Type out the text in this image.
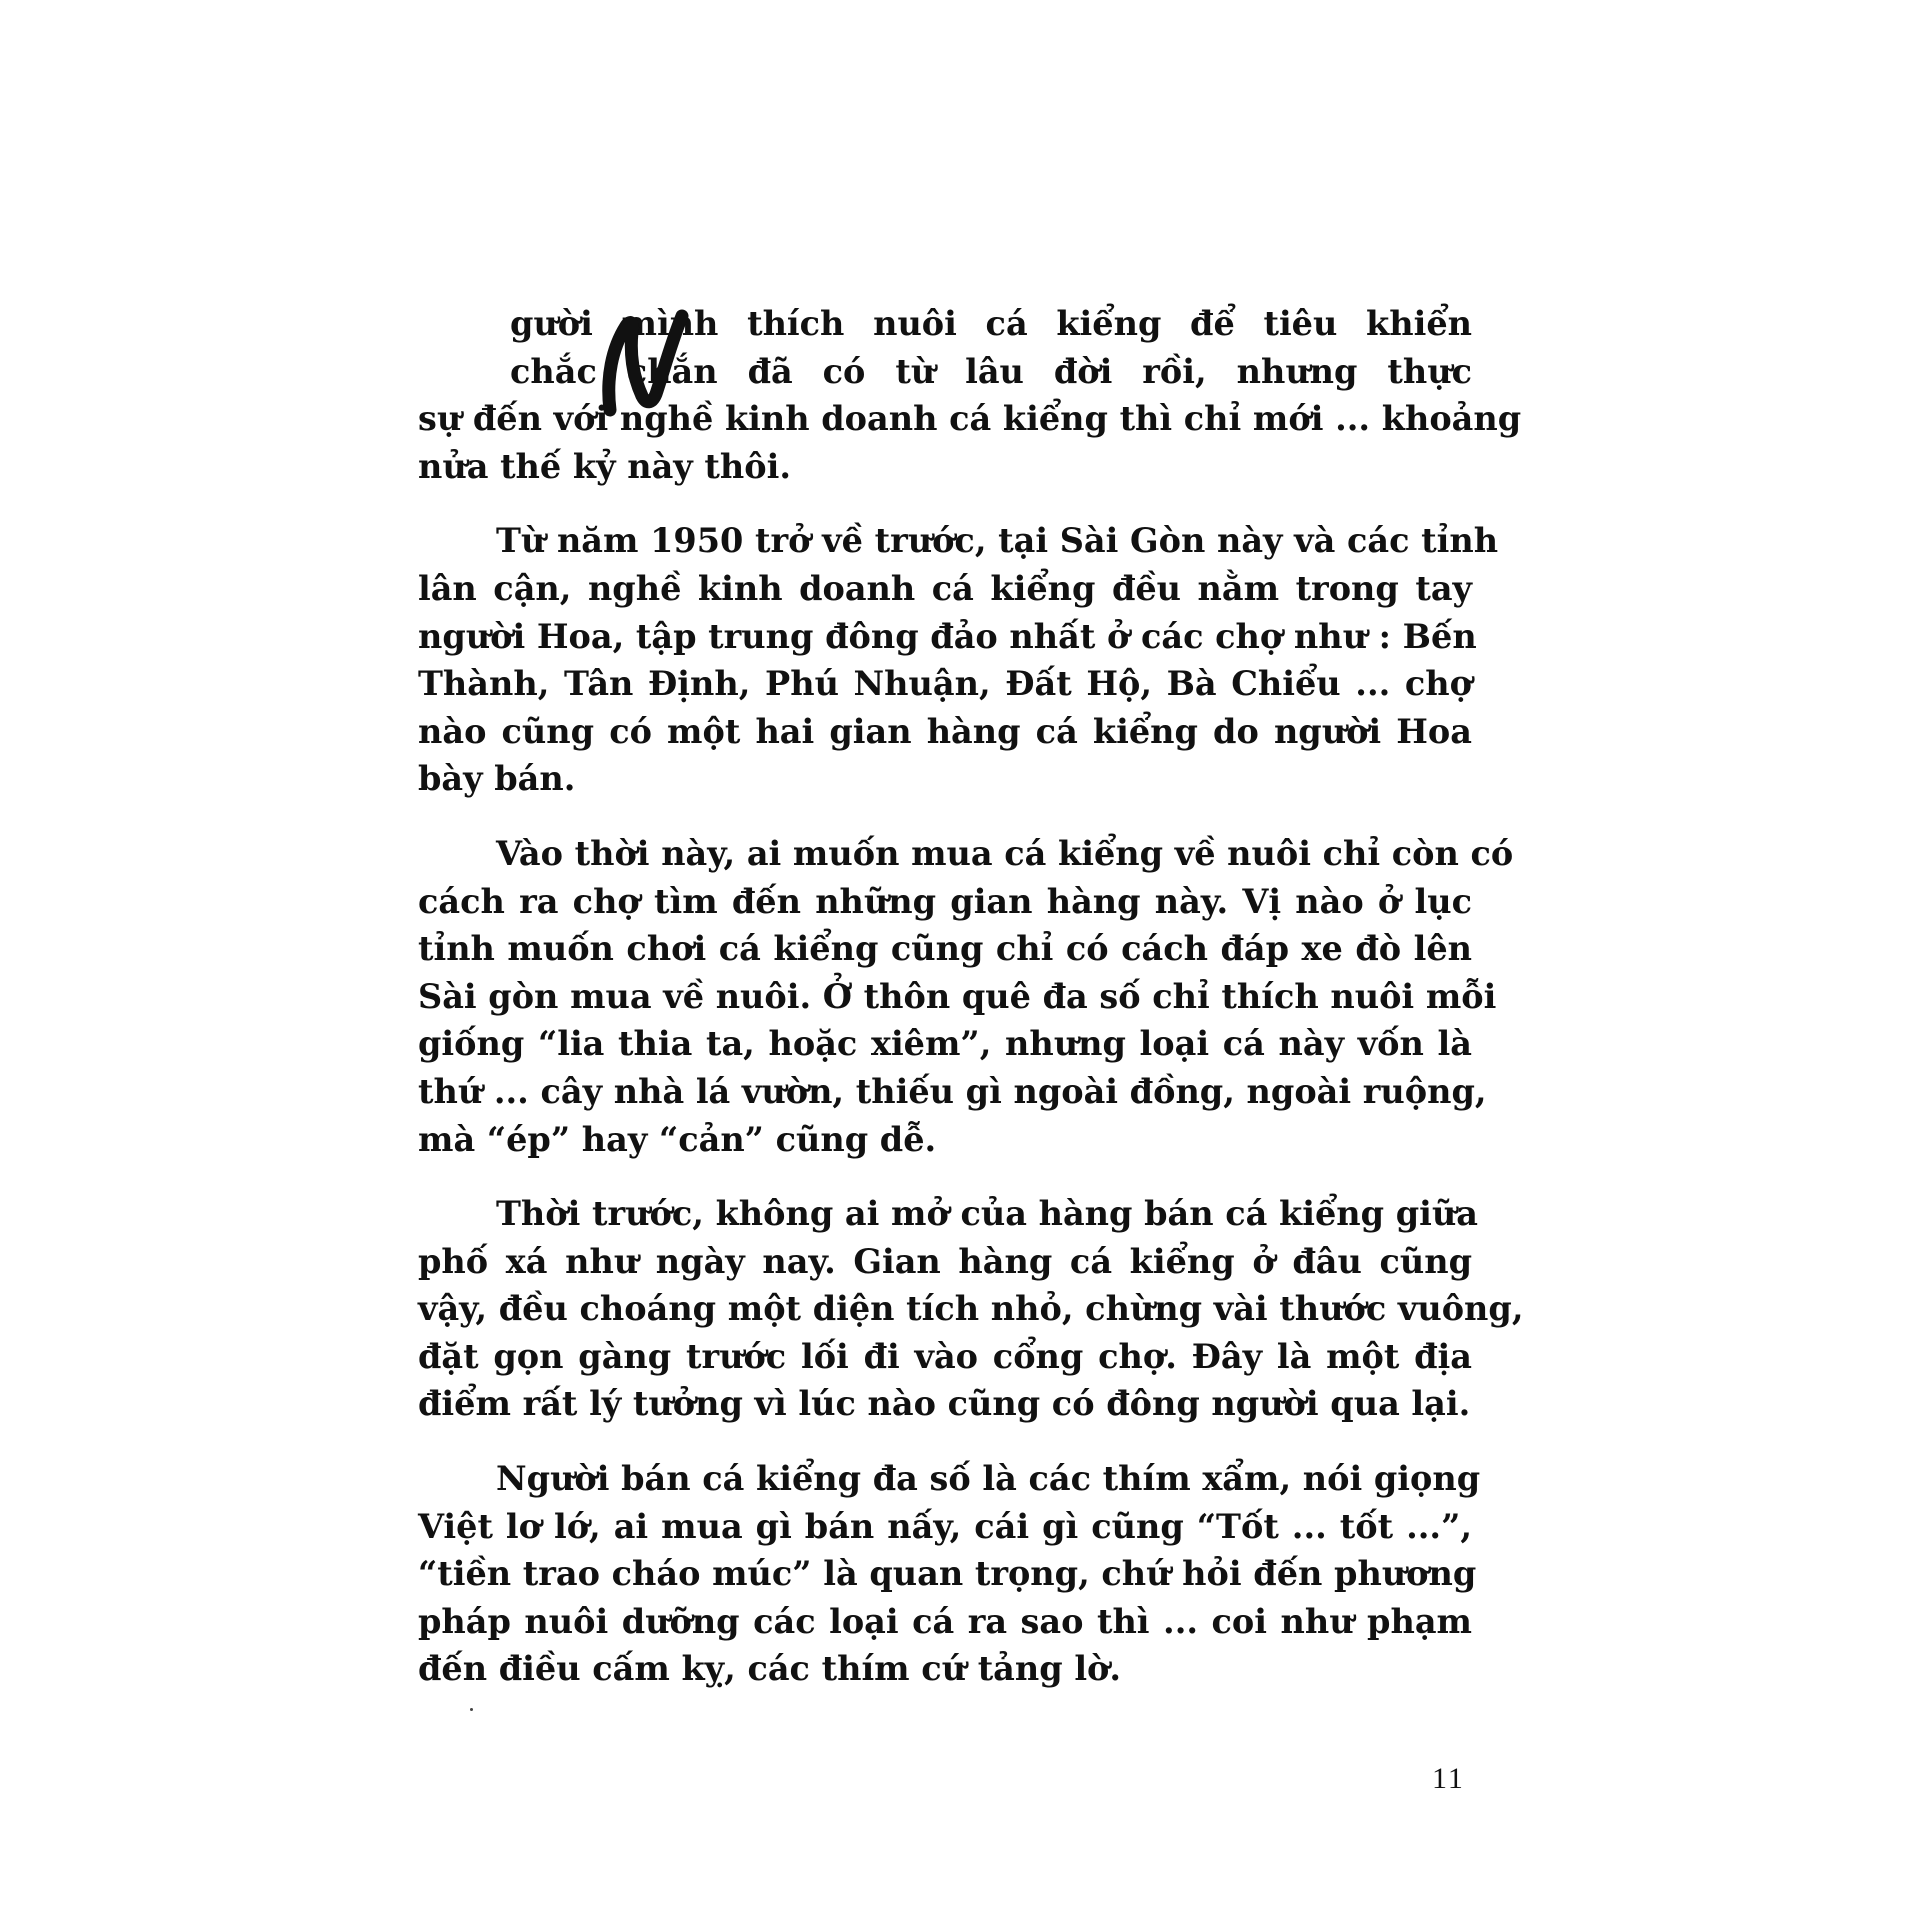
gười mình thích nuôi cá kiểng để tiêu khiển
chắc chắn đã có từ lâu đời rồi, nhưng thực
sự đến với nghề kinh doanh cá kiểng thì chỉ mới ... khoảng
nửa thế kỷ này thôi.
Từ năm 1950 trở về trước, tại Sài Gòn này và các tỉnh
lân cận, nghề kinh doanh cá kiểng đều nằm trong tay
người Hoa, tập trung đông đảo nhất ở các chợ như : Bến
Thành, Tân Định, Phú Nhuận, Đất Hộ, Bà Chiểu ... chợ
nào cũng có một hai gian hàng cá kiểng do người Hoa
bày bán.
Vào thời này, ai muốn mua cá kiểng về nuôi chỉ còn có
cách ra chợ tìm đến những gian hàng này. Vị nào ở lục
tỉnh muốn chơi cá kiểng cũng chỉ có cách đáp xe đò lên
Sài gòn mua về nuôi. Ở thôn quê đa số chỉ thích nuôi mỗi
giống “lia thia ta, hoặc xiêm”, nhưng loại cá này vốn là
thứ ... cây nhà lá vườn, thiếu gì ngoài đồng, ngoài ruộng,
mà “ép” hay “cản” cũng dễ.
Thời trước, không ai mở của hàng bán cá kiểng giữa
phố xá như ngày nay. Gian hàng cá kiểng ở đâu cũng
vậy, đều choáng một diện tích nhỏ, chừng vài thước vuông,
đặt gọn gàng trước lối đi vào cổng chợ. Đây là một địa
điểm rất lý tưởng vì lúc nào cũng có đông người qua lại.
Người bán cá kiểng đa số là các thím xẩm, nói giọng
Việt lơ lớ, ai mua gì bán nấy, cái gì cũng “Tốt ... tốt ...”,
“tiền trao cháo múc” là quan trọng, chứ hỏi đến phương
pháp nuôi dưỡng các loại cá ra sao thì ... coi như phạm
đến điều cấm kỵ, các thím cứ tảng lờ.
11
